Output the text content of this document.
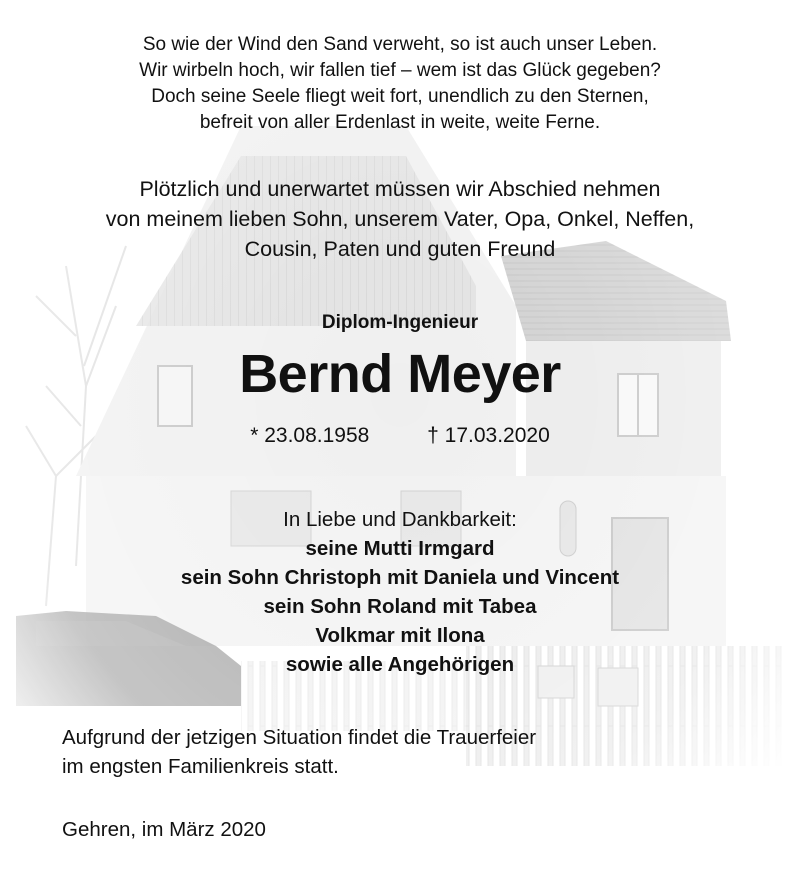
So wie der Wind den Sand verweht, so ist auch unser Leben.
Wir wirbeln hoch, wir fallen tief – wem ist das Glück gegeben?
Doch seine Seele fliegt weit fort, unendlich zu den Sternen,
befreit von aller Erdenlast in weite, weite Ferne.
Plötzlich und unerwartet müssen wir Abschied nehmen
von meinem lieben Sohn, unserem Vater, Opa, Onkel, Neffen,
Cousin, Paten und guten Freund
Diplom-Ingenieur
Bernd Meyer
* 23.08.1958	† 17.03.2020
In Liebe und Dankbarkeit:
seine Mutti Irmgard
sein Sohn Christoph mit Daniela und Vincent
sein Sohn Roland mit Tabea
Volkmar mit Ilona
sowie alle Angehörigen
Aufgrund der jetzigen Situation findet die Trauerfeier
im engsten Familienkreis statt.
Gehren, im März 2020
